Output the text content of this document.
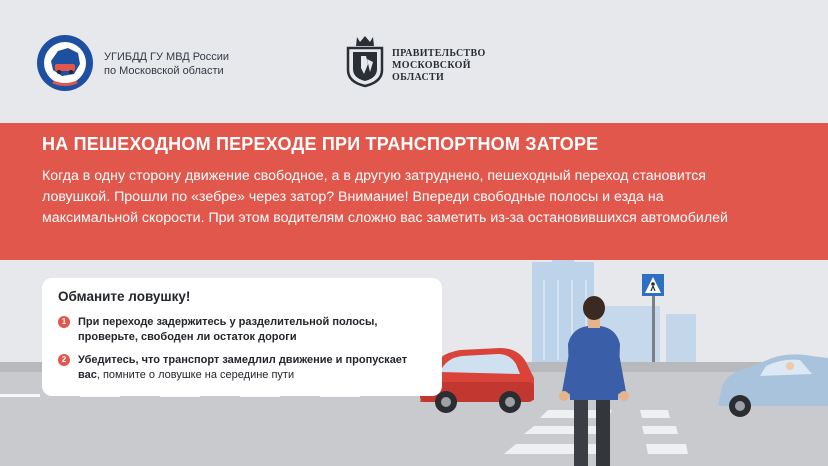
УГИБДД ГУ МВД России
по Московской области
ПРАВИТЕЛЬСТВО
МОСКОВСКОЙ
ОБЛАСТИ
НА ПЕШЕХОДНОМ ПЕРЕХОДЕ ПРИ ТРАНСПОРТНОМ ЗАТОРЕ
Когда в одну сторону движение свободное, а в другую затруднено, пешеходный переход становится ловушкой. Прошли по «зебре» через затор? Внимание! Впереди свободные полосы и езда на максимальной скорости. При этом водителям сложно вас заметить из-за остановившихся автомобилей
Обманите ловушку!
1	При переходе задержитесь у разделительной полосы, проверьте, свободен ли остаток дороги
2	Убедитесь, что транспорт замедлил движение и пропускает вас, помните о ловушке на середине пути
